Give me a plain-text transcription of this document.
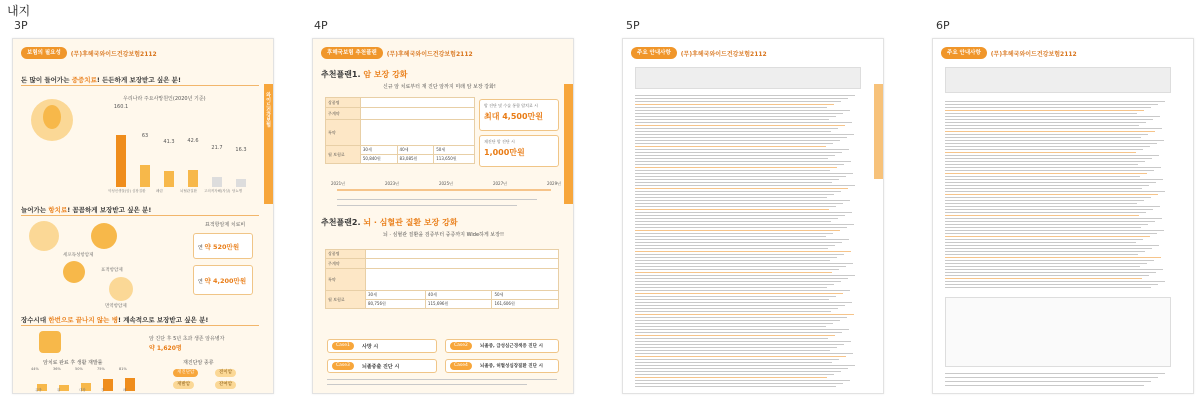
내지
3P	4P	5P	6P
보험의 필요성	(무)후헤국와이드건강보험2112
와이드건강보험
돈 많이 들어가는 중증치료! 든든하게 보장받고 싶은 분!
우리나라 주요사망원인(2020년 기준)
160.1
63
41.3	42.6
21.7	16.3
악성신생물(암) 심장질환	폐렴	뇌혈관질환	고의적자해(자살) 당뇨병
늘어가는 항치료! 꼼꼼하게 보장받고 싶은 분!
세포독성항암제
표적항암제
면역항암제
표적항암제 치료비
연 약 520만원
연 약 4,200만원
장수시대 한번으로 끝나지 않는 병! 계속적으로 보장받고 싶은 분!
암 진단 후 5년 초과 생존 암유병자
약 1,620명
암치료 완료 후 생활 재발률	재진단암 종류
44%	36%	50%	75%	81%
유방	위	대장	간	폐
재진단암	전이암
재발암	잔여암
후헤국보험 추천플랜	(무)후헤국와이드건강보험2112
추천플랜1. 암 보장 강화
신규 암 치료부터 재 진단 암까지 미래 암 보장 강화!
상품명			
주계약			
특약			
월 보험료	30세	40세	50세
	50,840원	83,085원	113,650원
암 진단 및 수술 통합 암치료 시
최대 4,500만원
재진단 암 진단 시
1,000만원
2021년	2023년	2025년	2027년	2029년
추천플랜2. 뇌 · 심혈관 질환 보장 강화
뇌 · 심혈관 질환을 검증부터 중증까지 Wide하게 보장!!
상품명			
주계약			
특약			
월 보험료	30세	40세	50세
	80,756원	115,696원	161,606원
Case1	사망 시	Case2	뇌졸중, 급성심근경색증 진단 시
Case3	뇌졸중출 진단 시	Case4	뇌졸중, 허혈성심장질환 진단 시
주요 안내사항	(무)후헤국와이드건강보험2112	주요 안내사항	(무)후헤국와이드건강보험2112
